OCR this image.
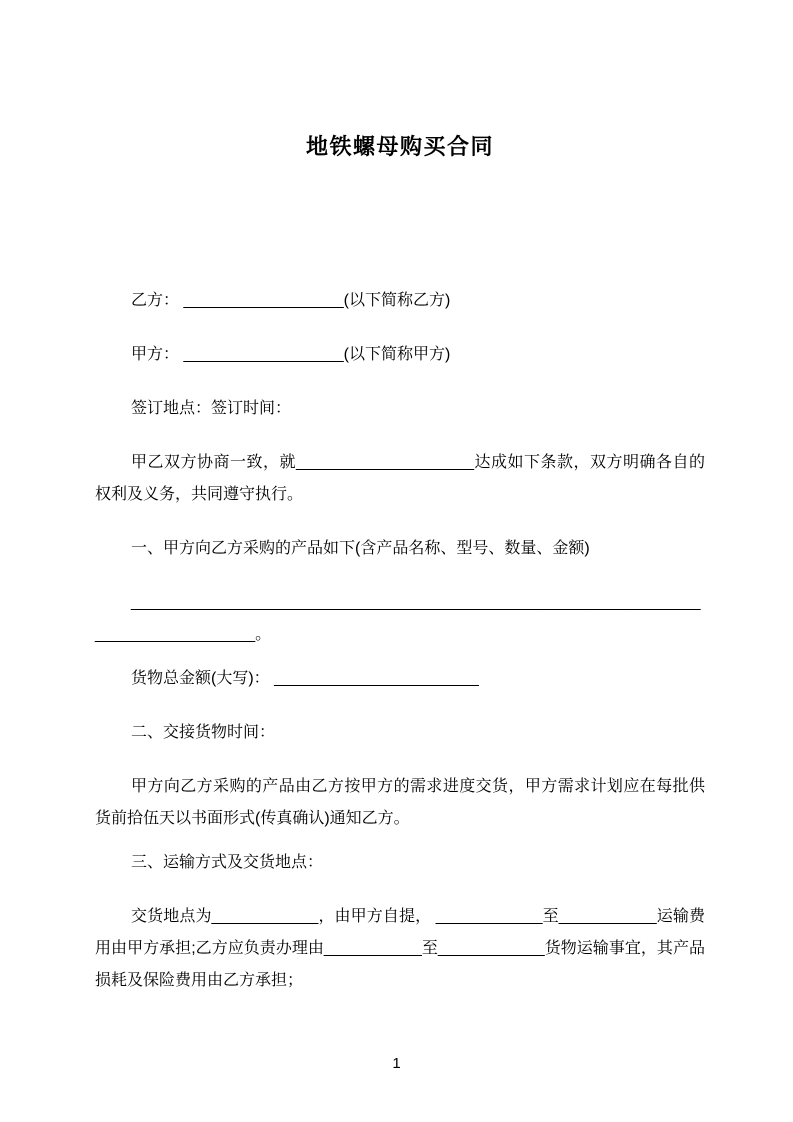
地铁螺母购买合同

乙方： __________________(以下简称乙方)

甲方： __________________(以下简称甲方)

签订地点：签订时间：

甲乙双方协商一致，就____________________达成如下条款，双方明确各自的权利及义务，共同遵守执行。

一、甲方向乙方采购的产品如下(含产品名称、型号、数量、金额)

__________________________________________________________________________________。

货物总金额(大写)： _______________________

二、交接货物时间：

甲方向乙方采购的产品由乙方按甲方的需求进度交货，甲方需求计划应在每批供货前拾伍天以书面形式(传真确认)通知乙方。

三、运输方式及交货地点：

交货地点为____________，由甲方自提， ____________至___________运输费用由甲方承担;乙方应负责办理由___________至____________货物运输事宜，其产品损耗及保险费用由乙方承担；

1
